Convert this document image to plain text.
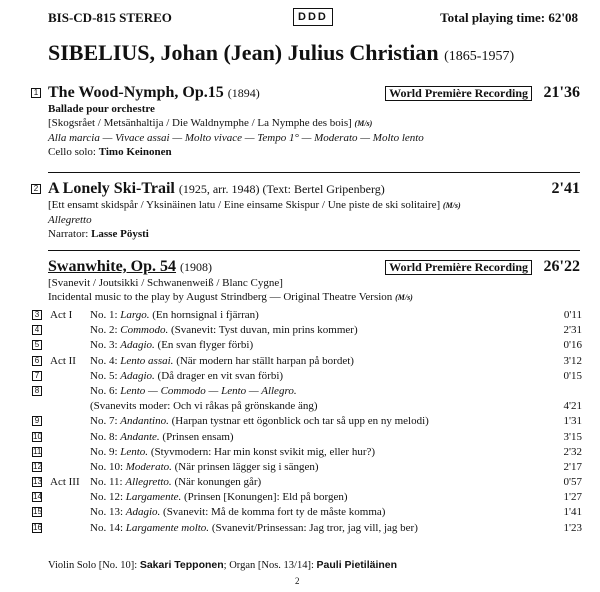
BIS-CD-815 STEREO	DDD	Total playing time: 62'08
SIBELIUS, Johan (Jean) Julius Christian (1865-1957)
1 The Wood-Nymph, Op.15 (1894)	World Première Recording 21'36
Ballade pour orchestre
[Skogsrået / Metsänhaltija / Die Waldnymphe / La Nymphe des bois] (M/s)
Alla marcia — Vivace assai — Molto vivace — Tempo 1° — Moderato — Molto lento
Cello solo: Timo Keinonen
2 A Lonely Ski-Trail (1925, arr. 1948) (Text: Bertel Gripenberg)	2'41
[Ett ensamt skidspår / Yksinäinen latu / Eine einsame Skispur / Une piste de ski solitaire] (M/s)
Allegretto
Narrator: Lasse Pöysti
Swanwhite, Op. 54 (1908)	World Première Recording 26'22
[Svanevit / Joutsikki / Schwanenweiß / Blanc Cygne]
Incidental music to the play by August Strindberg — Original Theatre Version (M/s)
3 Act I No. 1: Largo. (En hornsignal i fjärran)	0'11
4	No. 2: Commodo. (Svanevit: Tyst duvan, min prins kommer)	2'31
5	No. 3: Adagio. (En svan flyger förbi)	0'16
6 Act II No. 4: Lento assai. (När modern har ställt harpan på bordet)	3'12
7	No. 5: Adagio. (Då drager en vit svan förbi)	0'15
8	No. 6: Lento — Commodo — Lento — Allegro.
(Svanevits moder: Och vi råkas på grönskande äng)	4'21
9	No. 7: Andantino. (Harpan tystnar ett ögonblick och tar så upp en ny melodi)	1'31
10	No. 8: Andante. (Prinsen ensam)	3'15
11	No. 9: Lento. (Styvmodern: Har min konst svikit mig, eller hur?)	2'32
12	No. 10: Moderato. (När prinsen lägger sig i sängen)	2'17
13 Act III No. 11: Allegretto. (När konungen går)	0'57
14	No. 12: Largamente. (Prinsen [Konungen]: Eld på borgen)	1'27
15	No. 13: Adagio. (Svanevit: Må de komma fort ty de måste komma)	1'41
16	No. 14: Largamente molto. (Svanevit/Prinsessan: Jag tror, jag vill, jag ber)	1'23
Violin Solo [No. 10]: Sakari Tepponen; Organ [Nos. 13/14]: Pauli Pietiläinen
2
